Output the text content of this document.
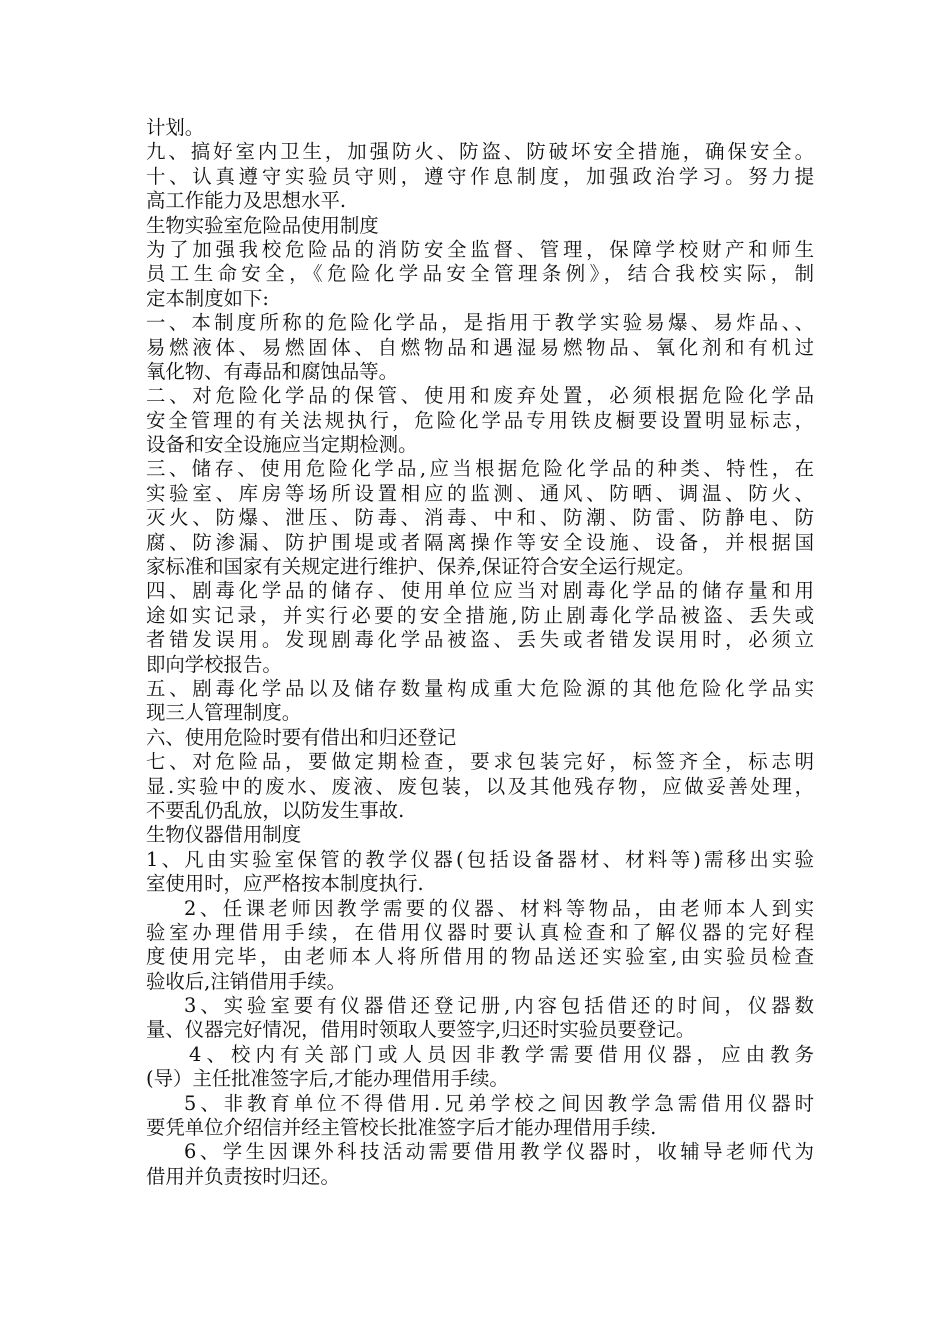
计划。
九、搞好室内卫生，加强防火、防盗、防破坏安全措施，确保安全。
十、认真遵守实验员守则，遵守作息制度，加强政治学习。努力提
高工作能力及思想水平.
生物实验室危险品使用制度
为了加强我校危险品的消防安全监督、管理，保障学校财产和师生
员工生命安全，《危险化学品安全管理条例》，结合我校实际，制
定本制度如下:
一、本制度所称的危险化学品，是指用于教学实验易爆、易炸品、、
易燃液体、易燃固体、自燃物品和遇湿易燃物品、氧化剂和有机过
氧化物、有毒品和腐蚀品等。
二、对危险化学品的保管、使用和废弃处置，必须根据危险化学品
安全管理的有关法规执行，危险化学品专用铁皮橱要设置明显标志，
设备和安全设施应当定期检测。
三、储存、使用危险化学品,应当根据危险化学品的种类、特性，在
实验室、库房等场所设置相应的监测、通风、防晒、调温、防火、
灭火、防爆、泄压、防毒、消毒、中和、防潮、防雷、防静电、防
腐、防渗漏、防护围堤或者隔离操作等安全设施、设备，并根据国
家标准和国家有关规定进行维护、保养,保证符合安全运行规定。
四、剧毒化学品的储存、使用单位应当对剧毒化学品的储存量和用
途如实记录，并实行必要的安全措施,防止剧毒化学品被盗、丢失或
者错发误用。发现剧毒化学品被盗、丢失或者错发误用时，必须立
即向学校报告。
五、剧毒化学品以及储存数量构成重大危险源的其他危险化学品实
现三人管理制度。
六、使用危险时要有借出和归还登记
七、对危险品，要做定期检查，要求包装完好，标签齐全，标志明
显.实验中的废水、废液、废包装，以及其他残存物，应做妥善处理，
不要乱仍乱放，以防发生事故.
生物仪器借用制度
1、凡由实验室保管的教学仪器(包括设备器材、材料等)需移出实验
室使用时，应严格按本制度执行.
2、任课老师因教学需要的仪器、材料等物品，由老师本人到实
验室办理借用手续，在借用仪器时要认真检查和了解仪器的完好程
度使用完毕，由老师本人将所借用的物品送还实验室,由实验员检查
验收后,注销借用手续。
3、实验室要有仪器借还登记册,内容包括借还的时间，仪器数
量、仪器完好情况，借用时领取人要签字,归还时实验员要登记。
4、校内有关部门或人员因非教学需要借用仪器，应由教务
(导）主任批准签字后,才能办理借用手续。
5、非教育单位不得借用.兄弟学校之间因教学急需借用仪器时
要凭单位介绍信并经主管校长批准签字后才能办理借用手续.
6、学生因课外科技活动需要借用教学仪器时，收辅导老师代为
借用并负责按时归还。
